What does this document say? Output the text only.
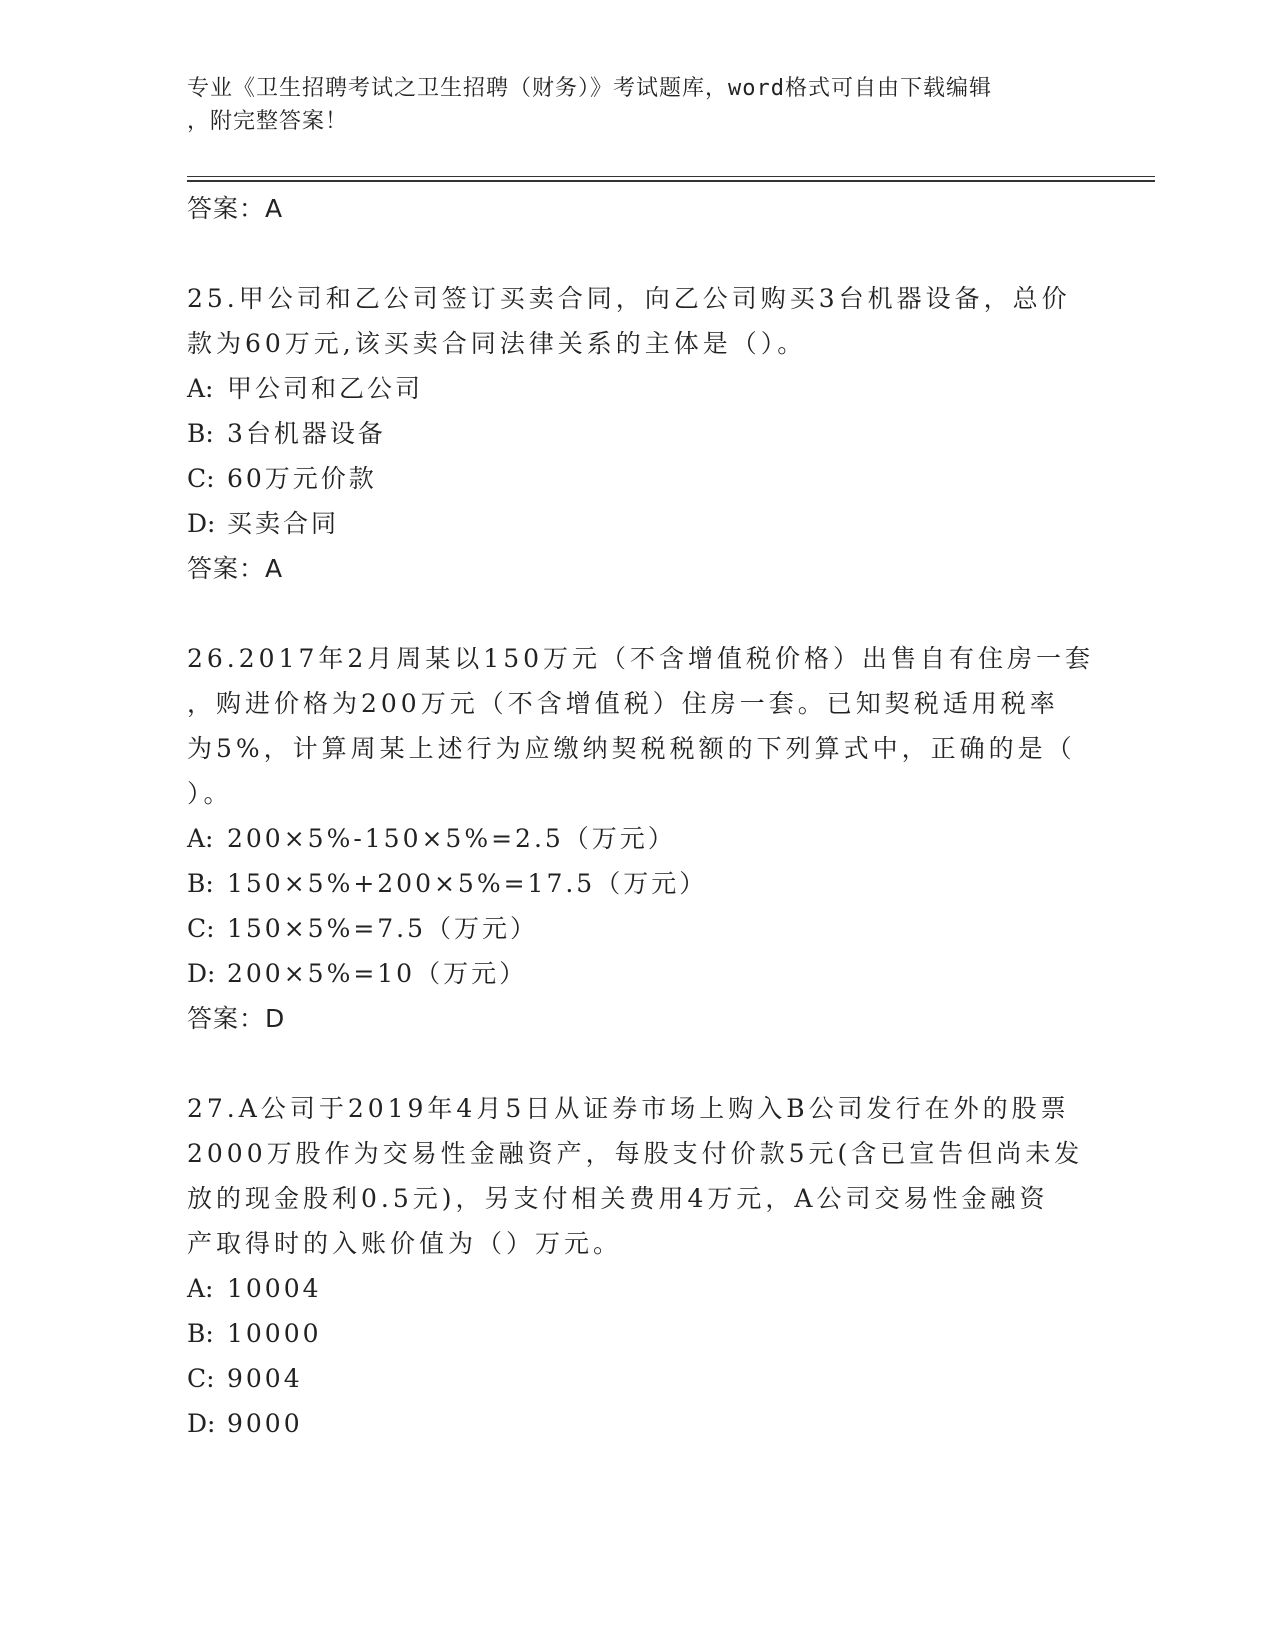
专业《卫生招聘考试之卫生招聘（财务）》考试题库，word格式可自由下载编辑
，附完整答案！
答案：A
25.甲公司和乙公司签订买卖合同，向乙公司购买3台机器设备，总价
款为60万元,该买卖合同法律关系的主体是（）。
A: 甲公司和乙公司
B: 3台机器设备
C: 60万元价款
D: 买卖合同
答案：A
26.2017年2月周某以150万元（不含增值税价格）出售自有住房一套
，购进价格为200万元（不含增值税）住房一套。已知契税适用税率
为5%，计算周某上述行为应缴纳契税税额的下列算式中，正确的是（
）。
A: 200×5%-150×5%=2.5（万元）
B: 150×5%+200×5%=17.5（万元）
C: 150×5%=7.5（万元）
D: 200×5%=10（万元）
答案：D
27.A公司于2019年4月5日从证券市场上购入B公司发行在外的股票
2000万股作为交易性金融资产，每股支付价款5元(含已宣告但尚未发
放的现金股利0.5元)，另支付相关费用4万元，A公司交易性金融资
产取得时的入账价值为（）万元。
A: 10004
B: 10000
C: 9004
D: 9000
